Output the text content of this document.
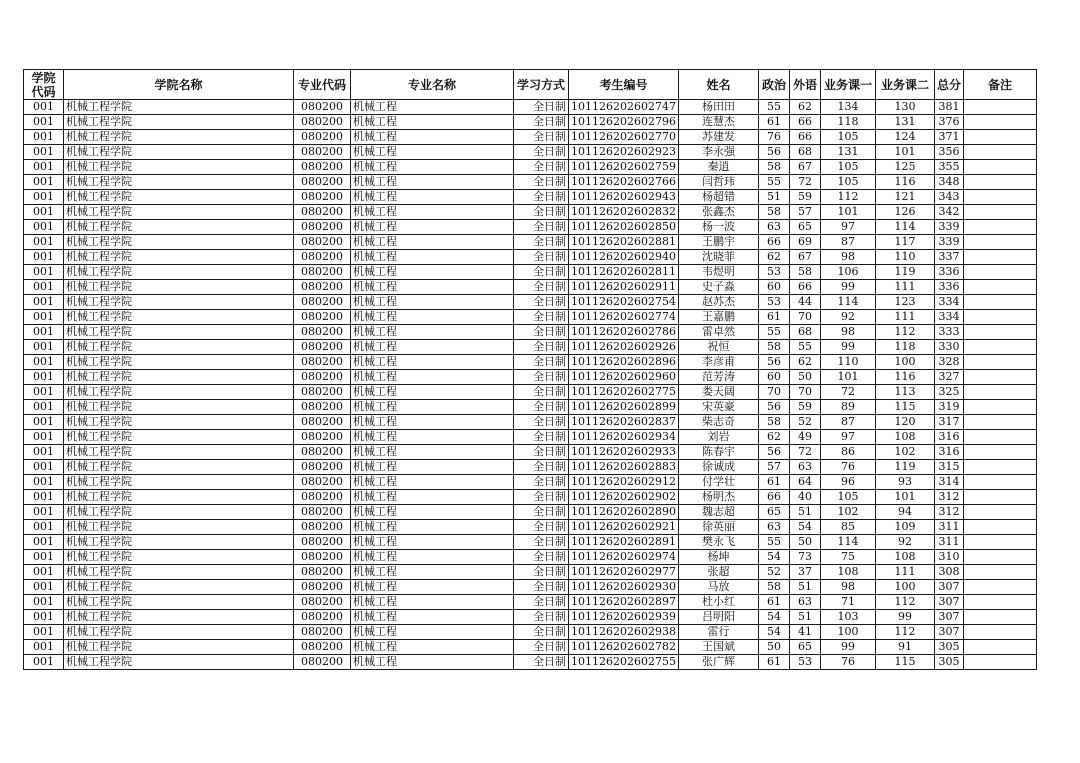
学院代码	学院名称	专业代码	专业名称	学习方式	考生编号	姓名	政治	外语	业务课一	业务课二	总分	备注
001	机械工程学院	080200	机械工程	全日制	101126202602747	杨田田	55	62	134	130	381	
001	机械工程学院	080200	机械工程	全日制	101126202602796	连慧杰	61	66	118	131	376	
001	机械工程学院	080200	机械工程	全日制	101126202602770	苏建发	76	66	105	124	371	
001	机械工程学院	080200	机械工程	全日制	101126202602923	李永强	56	68	131	101	356	
001	机械工程学院	080200	机械工程	全日制	101126202602759	秦逍	58	67	105	125	355	
001	机械工程学院	080200	机械工程	全日制	101126202602766	闫哲玮	55	72	105	116	348	
001	机械工程学院	080200	机械工程	全日制	101126202602943	杨超错	51	59	112	121	343	
001	机械工程学院	080200	机械工程	全日制	101126202602832	张鑫杰	58	57	101	126	342	
001	机械工程学院	080200	机械工程	全日制	101126202602850	杨一波	63	65	97	114	339	
001	机械工程学院	080200	机械工程	全日制	101126202602881	王鹏宇	66	69	87	117	339	
001	机械工程学院	080200	机械工程	全日制	101126202602940	沈晓菲	62	67	98	110	337	
001	机械工程学院	080200	机械工程	全日制	101126202602811	韦煜明	53	58	106	119	336	
001	机械工程学院	080200	机械工程	全日制	101126202602911	史子淼	60	66	99	111	336	
001	机械工程学院	080200	机械工程	全日制	101126202602754	赵苏杰	53	44	114	123	334	
001	机械工程学院	080200	机械工程	全日制	101126202602774	王嘉鹏	61	70	92	111	334	
001	机械工程学院	080200	机械工程	全日制	101126202602786	雷卓然	55	68	98	112	333	
001	机械工程学院	080200	机械工程	全日制	101126202602926	祝恒	58	55	99	118	330	
001	机械工程学院	080200	机械工程	全日制	101126202602896	李彦甫	56	62	110	100	328	
001	机械工程学院	080200	机械工程	全日制	101126202602960	范芳涛	60	50	101	116	327	
001	机械工程学院	080200	机械工程	全日制	101126202602775	娄天阔	70	70	72	113	325	
001	机械工程学院	080200	机械工程	全日制	101126202602899	宋英豪	56	59	89	115	319	
001	机械工程学院	080200	机械工程	全日制	101126202602837	柴志奇	58	52	87	120	317	
001	机械工程学院	080200	机械工程	全日制	101126202602934	刘岩	62	49	97	108	316	
001	机械工程学院	080200	机械工程	全日制	101126202602933	陈春宇	56	72	86	102	316	
001	机械工程学院	080200	机械工程	全日制	101126202602883	徐诚成	57	63	76	119	315	
001	机械工程学院	080200	机械工程	全日制	101126202602912	付学壮	61	64	96	93	314	
001	机械工程学院	080200	机械工程	全日制	101126202602902	杨明杰	66	40	105	101	312	
001	机械工程学院	080200	机械工程	全日制	101126202602890	魏志超	65	51	102	94	312	
001	机械工程学院	080200	机械工程	全日制	101126202602921	徐英丽	63	54	85	109	311	
001	机械工程学院	080200	机械工程	全日制	101126202602891	樊永飞	55	50	114	92	311	
001	机械工程学院	080200	机械工程	全日制	101126202602974	杨坤	54	73	75	108	310	
001	机械工程学院	080200	机械工程	全日制	101126202602977	张超	52	37	108	111	308	
001	机械工程学院	080200	机械工程	全日制	101126202602930	马放	58	51	98	100	307	
001	机械工程学院	080200	机械工程	全日制	101126202602897	杜小红	61	63	71	112	307	
001	机械工程学院	080200	机械工程	全日制	101126202602939	吕明阳	54	51	103	99	307	
001	机械工程学院	080200	机械工程	全日制	101126202602938	雷行	54	41	100	112	307	
001	机械工程学院	080200	机械工程	全日制	101126202602782	王国斌	50	65	99	91	305	
001	机械工程学院	080200	机械工程	全日制	101126202602755	张广辉	61	53	76	115	305	
